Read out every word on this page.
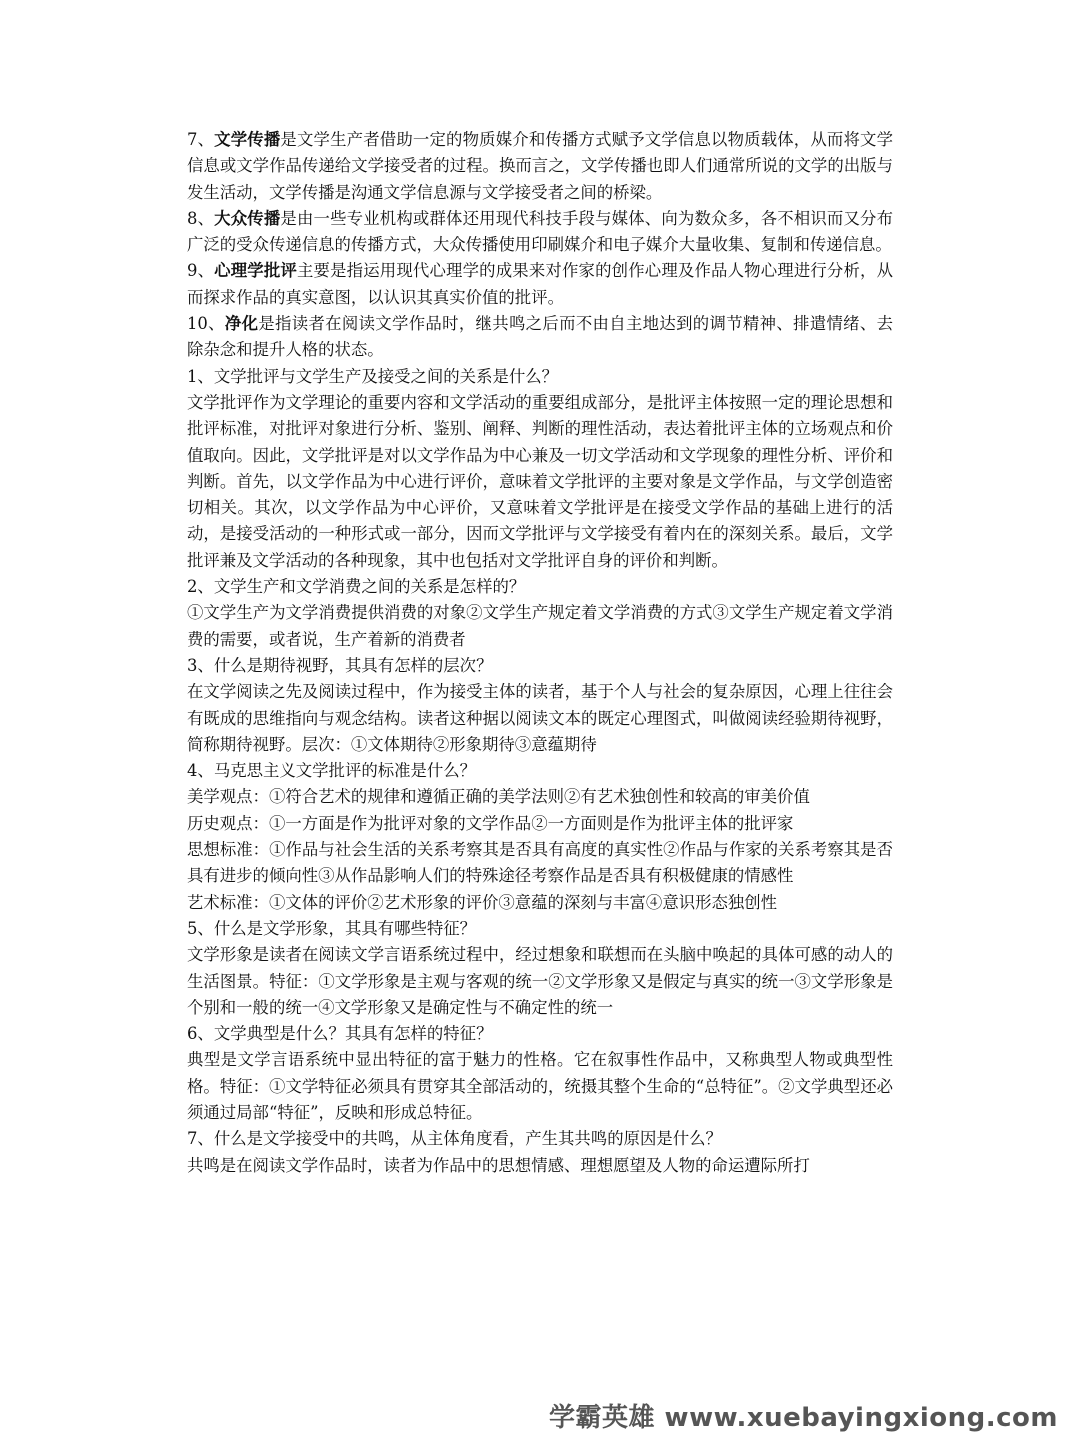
7、文学传播是文学生产者借助一定的物质媒介和传播方式赋予文学信息以物质载体，从而将文学信息或文学作品传递给文学接受者的过程。换而言之，文学传播也即人们通常所说的文学的出版与发生活动，文学传播是沟通文学信息源与文学接受者之间的桥梁。

8、大众传播是由一些专业机构或群体还用现代科技手段与媒体、向为数众多，各不相识而又分布广泛的受众传递信息的传播方式，大众传播使用印刷媒介和电子媒介大量收集、复制和传递信息。

9、心理学批评主要是指运用现代心理学的成果来对作家的创作心理及作品人物心理进行分析，从而探求作品的真实意图，以认识其真实价值的批评。

10、净化是指读者在阅读文学作品时，继共鸣之后而不由自主地达到的调节精神、排遣情绪、去除杂念和提升人格的状态。

1、文学批评与文学生产及接受之间的关系是什么？

文学批评作为文学理论的重要内容和文学活动的重要组成部分，是批评主体按照一定的理论思想和批评标准，对批评对象进行分析、鉴别、阐释、判断的理性活动，表达着批评主体的立场观点和价值取向。因此，文学批评是对以文学作品为中心兼及一切文学活动和文学现象的理性分析、评价和判断。首先，以文学作品为中心进行评价，意味着文学批评的主要对象是文学作品，与文学创造密切相关。其次，以文学作品为中心评价，又意味着文学批评是在接受文学作品的基础上进行的活动，是接受活动的一种形式或一部分，因而文学批评与文学接受有着内在的深刻关系。最后，文学批评兼及文学活动的各种现象，其中也包括对文学批评自身的评价和判断。

2、文学生产和文学消费之间的关系是怎样的？

①文学生产为文学消费提供消费的对象②文学生产规定着文学消费的方式③文学生产规定着文学消费的需要，或者说，生产着新的消费者

3、什么是期待视野，其具有怎样的层次？

在文学阅读之先及阅读过程中，作为接受主体的读者，基于个人与社会的复杂原因，心理上往往会有既成的思维指向与观念结构。读者这种据以阅读文本的既定心理图式，叫做阅读经验期待视野，简称期待视野。层次：①文体期待②形象期待③意蕴期待

4、马克思主义文学批评的标准是什么？

美学观点：①符合艺术的规律和遵循正确的美学法则②有艺术独创性和较高的审美价值

历史观点：①一方面是作为批评对象的文学作品②一方面则是作为批评主体的批评家

思想标准：①作品与社会生活的关系考察其是否具有高度的真实性②作品与作家的关系考察其是否具有进步的倾向性③从作品影响人们的特殊途径考察作品是否具有积极健康的情感性

艺术标准：①文体的评价②艺术形象的评价③意蕴的深刻与丰富④意识形态独创性

5、什么是文学形象，其具有哪些特征？

文学形象是读者在阅读文学言语系统过程中，经过想象和联想而在头脑中唤起的具体可感的动人的生活图景。特征：①文学形象是主观与客观的统一②文学形象又是假定与真实的统一③文学形象是个别和一般的统一④文学形象又是确定性与不确定性的统一

6、文学典型是什么？其具有怎样的特征？

典型是文学言语系统中显出特征的富于魅力的性格。它在叙事性作品中，又称典型人物或典型性格。特征：①文学特征必须具有贯穿其全部活动的，统摄其整个生命的“总特征”。②文学典型还必须通过局部“特征”，反映和形成总特征。

7、什么是文学接受中的共鸣，从主体角度看，产生其共鸣的原因是什么？

共鸣是在阅读文学作品时，读者为作品中的思想情感、理想愿望及人物的命运遭际所打

学霸英雄 www.xuebayingxiong.com
